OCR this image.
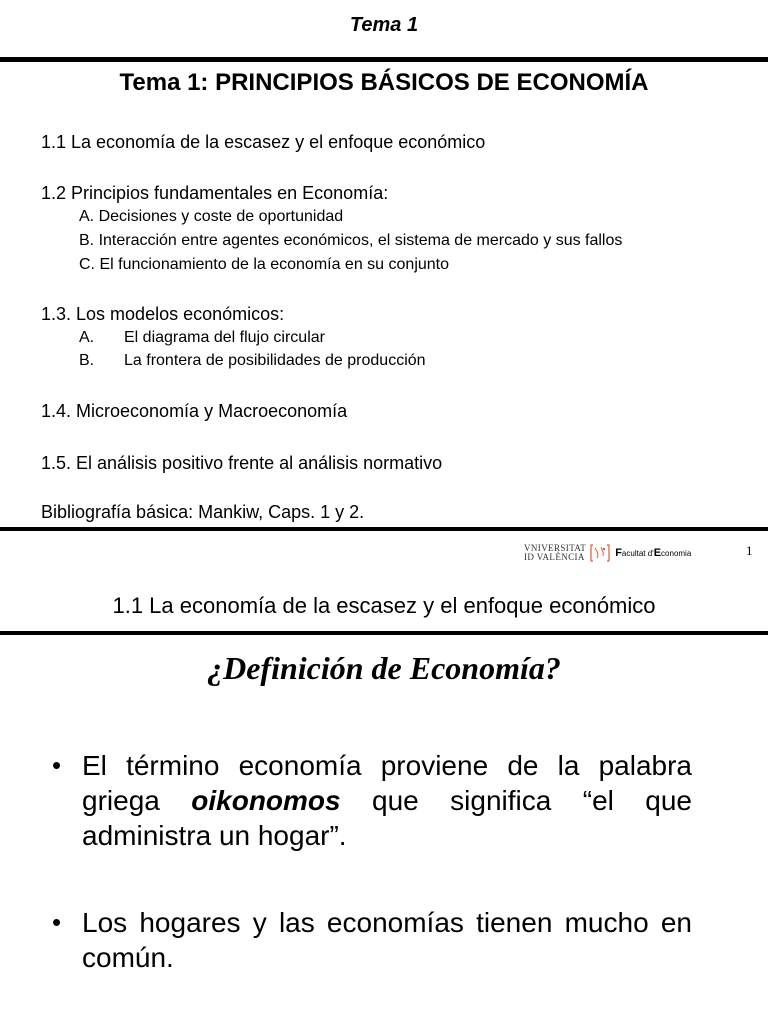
Tema 1
Tema 1: PRINCIPIOS BÁSICOS DE ECONOMÍA
1.1 La economía de la escasez y el enfoque económico
1.2 Principios fundamentales en Economía:
A. Decisiones y coste de oportunidad
B. Interacción entre agentes económicos, el sistema de mercado y sus fallos
C. El funcionamiento de la economía en su conjunto
1.3. Los modelos económicos:
A. El diagrama del flujo circular
B. La frontera de posibilidades de producción
1.4. Microeconomía y Macroeconomía
1.5. El análisis positivo frente al análisis normativo
Bibliografía básica: Mankiw, Caps. 1 y 2.
VNIVERSITAT
ID VALÈNCIA	Facultat d'Economia	1
1.1 La economía de la escasez y el enfoque económico
¿Definición de Economía?
• El término economía proviene de la palabra griega oikonomos que significa “el que administra un hogar”.
• Los hogares y las economías tienen mucho en común.
